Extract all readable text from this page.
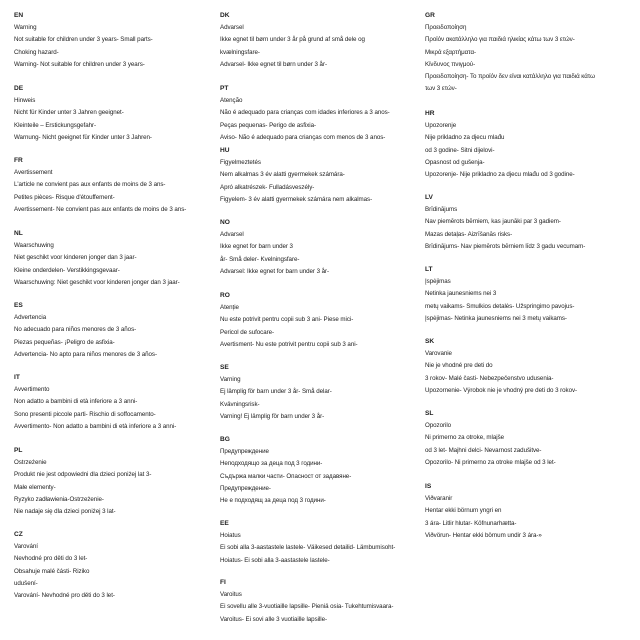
EN
Warning
Not suitable for children under 3 years- Small parts-
Choking hazard-
Warning- Not suitable for children under 3 years-
DE
Hinweis
Nicht für Kinder unter 3 Jahren geeignet-
Kleinteile – Erstickungsgefahr-
Warnung- Nicht geeignet für Kinder unter 3 Jahren-
FR
Avertissement
L'article ne convient pas aux enfants de moins de 3 ans-
Petites pièces- Risque d'étouffement-
Avertissement- Ne convient pas aux enfants de moins de 3 ans-
NL
Waarschuwing
Niet geschikt voor kinderen jonger dan 3 jaar-
Kleine onderdelen- Verstikkingsgevaar-
Waarschuwing: Niet geschikt voor kinderen jonger dan 3 jaar-
ES
Advertencia
No adecuado para niños menores de 3 años-
Piezas pequeñas- ¡Peligro de asfixia-
Advertencia- No apto para niños menores de 3 años-
IT
Avvertimento
Non adatto a bambini di età inferiore a 3 anni-
Sono presenti piccole parti- Rischio di soffocamento-
Avvertimento- Non adatto a bambini di età inferiore a 3 anni-
PL
Ostrzeżenie
Produkt nie jest odpowiedni dla dzieci poniżej lat 3-
Małe elementy-
Ryzyko zadławienia-Ostrzeżenie-
Nie nadaje się dla dzieci poniżej 3 lat-
CZ
Varování
Nevhodné pro děti do 3 let-
Obsahuje malé části- Riziko
udušení-
Varování- Nevhodné pro děti do 3 let-
DK
Advarsel
Ikke egnet til børn under 3 år på grund af små dele og
kvælningsfare-
Advarsel- Ikke egnet til børn under 3 år-
PT
Atenção
Não é adequado para crianças com idades inferiores a 3 anos-
Peças pequenas- Perigo de asfixia-
Aviso- Não é adequado para crianças com menos de 3 anos-
HU
Figyelmeztetés
Nem alkalmas 3 év alatti gyermekek számára-
Apró alkatrészek- Fulladásveszély-
Figyelem- 3 év alatti gyermekek számára nem alkalmas-
NO
Advarsel
Ikke egnet for barn under 3
år- Små deler- Kvelningsfare-
Advarsel: Ikke egnet for barn under 3 år-
RO
Atenție
Nu este potrivit pentru copii sub 3 ani- Piese mici-
Pericol de sufocare-
Avertisment- Nu este potrivit pentru copii sub 3 ani-
SE
Varning
Ej lämplig för barn under 3 år- Små delar-
Kvävningsrisk-
Varning! Ej lämplig för barn under 3 år-
BG
Предупреждение
Неподходящо за деца под 3 години-
Съдържа малки части- Опасност от задавяне-
Предупреждение-
Не е подходящ за деца под 3 години-
EE
Hoiatus
Ei sobi alla 3-aastastele lastele- Väikesed detailid- Lämbumisoht-
Hoiatus- Ei sobi alla 3-aastastele lastele-
FI
Varoitus
Ei sovellu alle 3-vuotiaille lapsille- Pieniä osia- Tukehtumisvaara-
Varoitus- Ei sovi alle 3 vuotiaille lapsille-
GR
Προειδοποίηση
Προϊόν ακατάλληλο για παιδιά ηλικίας κάτω των 3 ετών-
Μικρά εξαρτήματα-
Κίνδυνος πνιγμού-
Προειδοποίηση- Το προϊόν δεν είναι κατάλληλο για παιδιά κάτω
των 3 ετών-
HR
Upozorenje
Nije prikladno za djecu mlađu
od 3 godine- Sitni dijelovi-
Opasnost od gušenja-
Upozorenje- Nije prikladno za djecu mlađu od 3 godine-
LV
Brīdinājums
Nav piemērots bērniem, kas jaunāki par 3 gadiem-
Mazas detaļas- Aizrīšanās risks-
Brīdinājums- Nav piemērots bērniem līdz 3 gadu vecumam-
LT
Įspėjimas
Netinka jaunesniems nei 3
metų vaikams- Smulkios detalės- Užspringimo pavojus-
Įspėjimas- Netinka jaunesniems nei 3 metų vaikams-
SK
Varovanie
Nie je vhodné pre deti do
3 rokov- Malé časti- Nebezpečenstvo udusenia-
Upozornenie- Výrobok nie je vhodný pre deti do 3 rokov-
SL
Opozorilo
Ni primerno za otroke, mlajše
od 3 let- Majhni delci- Nevarnost zadušitve-
Opozorilo- Ni primerno za otroke mlajše od 3 let-
IS
Viðvaranir
Hentar ekki börnum yngri en
3 ára- Litlir hlutar- Köfnunarhætta-
Viðvörun- Hentar ekki börnum undir 3 ára-»
